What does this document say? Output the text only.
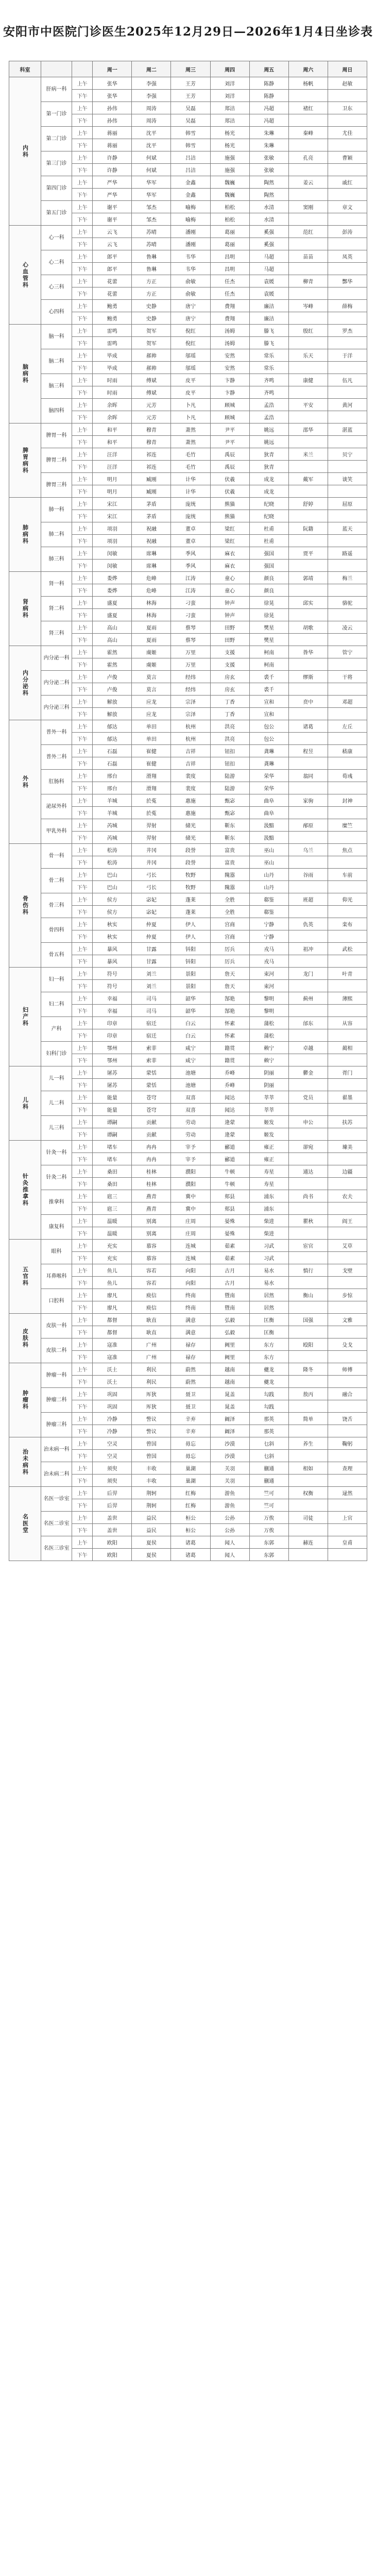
安阳市中医院门诊医生2025年12月29日—2026年1月4日坐诊表
科室			周一	周二	周三	周四	周五	周六	周日
内科	肝病一科	上午	张华	李强	王芳	刘洋	陈静	杨帆	赵敏
		下午	张华	李强	王芳	刘洋	陈静		
	第一门诊	上午	孙伟	周涛	吴磊	郑洁	冯超	褚红	卫东
		下午	孙伟	周涛	吴磊	郑洁	冯超		
	第二门诊	上午	蒋丽	沈平	韩雪	杨光	朱琳	秦峰	尤佳
		下午	蒋丽	沈平	韩雪	杨光	朱琳		
	第三门诊	上午	许静	何斌	吕洁	施强	张敏	孔亮	曹颖
		下午	许静	何斌	吕洁	施强	张敏		
	第四门诊	上午	严华	华军	金鑫	魏巍	陶然	姜云	戚红
		下午	严华	华军	金鑫	魏巍	陶然		
	第五门诊	上午	谢平	邹杰	喻梅	柏松	水清	窦刚	章文
		下午	谢平	邹杰	喻梅	柏松	水清		
心血管科	心一科	上午	云飞	苏晴	潘刚	葛丽	奚强	范红	彭涛
		下午	云飞	苏晴	潘刚	葛丽	奚强		
	心二科	上午	郎平	鲁琳	韦华	昌明	马超	苗苗	凤英
		下午	郎平	鲁琳	韦华	昌明	马超		
	心三科	上午	花蕾	方正	俞敏	任杰	袁媛	柳青	酆华
		下午	花蕾	方正	俞敏	任杰	袁媛		
	心四科	上午	鲍勇	史静	唐宁	费翔	廉洁	岑峰	薛梅
		下午	鲍勇	史静	唐宁	费翔	廉洁		
脑病科	脑一科	上午	雷鸣	贺军	倪红	汤姆	滕飞	殷红	罗杰
		下午	雷鸣	贺军	倪红	汤姆	滕飞		
	脑二科	上午	毕成	郝帅	邬瑶	安然	常乐	乐天	于洋
		下午	毕成	郝帅	邬瑶	安然	常乐		
	脑三科	上午	时雨	傅斌	皮平	卞静	齐鸣	康健	伍凡
		下午	时雨	傅斌	皮平	卞静	齐鸣		
	脑四科	上午	余晖	元芳	卜凡	顾城	孟浩	平安	黄河
		下午	余晖	元芳	卜凡	顾城	孟浩		
脾胃病科	脾胃一科	上午	和平	穆青	萧然	尹平	姚远	邵华	湛蓝
		下午	和平	穆青	萧然	尹平	姚远		
	脾胃二科	上午	汪洋	祁连	毛竹	禹辰	狄青	米兰	贝宁
		下午	汪洋	祁连	毛竹	禹辰	狄青		
	脾胃三科	上午	明月	臧刚	计华	伏羲	成龙	戴军	谈笑
		下午	明月	臧刚	计华	伏羲	成龙		
肺病科	肺一科	上午	宋江	茅盾	庞统	熊猫	纪晓	舒婷	屈原
		下午	宋江	茅盾	庞统	熊猫	纪晓		
	肺二科	上午	项羽	祝融	董卓	梁红	杜甫	阮籍	蓝天
		下午	项羽	祝融	董卓	梁红	杜甫		
	肺三科	上午	闵敏	席琳	季风	麻衣	强国	贾平	路遥
		下午	闵敏	席琳	季风	麻衣	强国		
肾病科	肾一科	上午	娄烨	危峰	江涛	童心	颜良	郭靖	梅兰
		下午	娄烨	危峰	江涛	童心	颜良		
	肾二科	上午	盛夏	林海	刁蛮	钟声	徐晃	邱实	骆驼
		下午	盛夏	林海	刁蛮	钟声	徐晃		
	肾三科	上午	高山	夏雨	蔡琴	田野	樊星	胡歌	凌云
		下午	高山	夏雨	蔡琴	田野	樊星		
内分泌科	内分泌一科	上午	霍然	虞姬	万里	支援	柯南	昝华	管宁
		下午	霍然	虞姬	万里	支援	柯南		
	内分泌二科	上午	卢俊	莫言	经纬	房玄	裘千	缪斯	干将
		下午	卢俊	莫言	经纬	房玄	裘千		
	内分泌三科	上午	解放	应龙	宗泽	丁香	宣和	贲中	邓超
		下午	解放	应龙	宗泽	丁香	宣和		
外科	普外一科	上午	郁达	单田	杭州	洪亮	包公	诸葛	左丘
		下午	郁达	单田	杭州	洪亮	包公		
	普外二科	上午	石磊	崔健	吉祥	钮扣	龚琳	程昱	嵇康
		下午	石磊	崔健	吉祥	钮扣	龚琳		
	肛肠科	上午	邢台	滑翔	裴度	陆游	荣华	翁同	荀彧
		下午	邢台	滑翔	裴度	陆游	荣华		
	泌尿外科	上午	羊城	於菟	惠施	甄宓	曲阜	家驹	封神
		下午	羊城	於菟	惠施	甄宓	曲阜		
	甲乳外科	上午	芮城	羿射	储光	靳东	汲黯	邴原	糜竺
		下午	芮城	羿射	储光	靳东	汲黯		
骨伤科	骨一科	上午	松涛	井冈	段誉	富贵	巫山	乌兰	焦点
		下午	松涛	井冈	段誉	富贵	巫山		
	骨二科	上午	巴山	弓长	牧野	隗嚣	山丹	谷雨	车前
		下午	巴山	弓长	牧野	隗嚣	山丹		
	骨三科	上午	侯方	宓妃	蓬莱	全胜	郗鉴	班超	仰光
		下午	侯方	宓妃	蓬莱	全胜	郗鉴		
	骨四科	上午	秋实	仲夏	伊人	宫商	宁静	仇英	栾布
		下午	秋实	仲夏	伊人	宫商	宁静		
	骨五科	上午	暴风	甘露	钭阳	厉兵	戎马	祖冲	武松
		下午	暴风	甘露	钭阳	厉兵	戎马		
妇产科	妇一科	上午	符号	刘兰	景阳	詹天	束河	龙门	叶青
		下午	符号	刘兰	景阳	詹天	束河		
	妇二科	上午	幸福	司马	韶华	郜艳	黎明	蓟州	薄熙
		下午	幸福	司马	韶华	郜艳	黎明		
	产科	上午	印章	宿迁	白云	怀素	蒲松	邰东	从容
		下午	印章	宿迁	白云	怀素	蒲松		
	妇科门诊	上午	鄂州	索菲	咸宁	籍贯	赖宁	卓越	蔺相
		下午	鄂州	索菲	咸宁	籍贯	赖宁		
儿科	儿一科	上午	屠苏	蒙恬	池塘	乔峰	阴丽	鬱金	胥门
		下午	屠苏	蒙恬	池塘	乔峰	阴丽		
	儿二科	上午	能量	苍穹	双喜	闻达	莘莘	党员	翟墨
		下午	能量	苍穹	双喜	闻达	莘莘		
	儿三科	上午	谭嗣	贡献	劳动	逄蒙	姬发	申公	扶苏
		下午	谭嗣	贡献	劳动	逄蒙	姬发		
针灸推拿科	针灸一科	上午	堵车	冉冉	宰予	郦道	雍正	卻宛	璩美
		下午	堵车	冉冉	宰予	郦道	雍正		
	针灸二科	上午	桑田	桂林	濮阳	牛顿	寿星	通达	边疆
		下午	桑田	桂林	濮阳	牛顿	寿星		
	推拿科	上午	扈三	燕青	冀中	郏县	浦东	尚书	农夫
		下午	扈三	燕青	冀中	郏县	浦东		
	康复科	上午	温暖	别离	庄周	晏殊	柴进	瞿秋	阎王
		下午	温暖	别离	庄周	晏殊	柴进		
五官科	眼科	上午	充实	慕容	连城	茹素	习武	宦官	艾草
		下午	充实	慕容	连城	茹素	习武		
	耳鼻喉科	上午	鱼儿	容若	向阳	古月	易水	慎行	戈壁
		下午	鱼儿	容若	向阳	古月	易水		
	口腔科	上午	廖凡	庾信	终南	暨南	居然	衡山	步惊
		下午	廖凡	庾信	终南	暨南	居然		
皮肤科	皮肤一科	上午	都督	耿直	满意	弘毅	匡衡	国强	文雅
		下午	都督	耿直	满意	弘毅	匡衡		
	皮肤二科	上午	寇准	广州	禄存	阙里	东方	殴阳	殳戈
		下午	寇准	广州	禄存	阙里	东方		
肿瘤科	肿瘤一科	上午	沃土	利民	蔚然	越南	夔龙	隆冬	师傅
		下午	沃土	利民	蔚然	越南	夔龙		
	肿瘤二科	上午	巩固	厍狄	聂卫	晁盖	勾践	敖丙	融合
		下午	巩固	厍狄	聂卫	晁盖	勾践		
	肿瘤三科	上午	冷静	訾议	辛弃	阚泽	那英	简单	饶舌
		下午	冷静	訾议	辛弃	阚泽	那英		
治未病科	治未病一科	上午	空灵	曾国	毋忘	沙漠	乜斜	养生	鞠躬
		下午	空灵	曾国	毋忘	沙漠	乜斜		
	治未病二科	上午	须臾	丰收	巢湖	关羽	蒯通	相如	查理
		下午	须臾	丰收	巢湖	关羽	蒯通		
名医堂	名医一诊室	上午	后羿	荆轲	红梅	游鱼	竺可	权衡	逯然
		下午	后羿	荆轲	红梅	游鱼	竺可		
	名医二诊室	上午	盖世	益民	桓公	公孙	万俟	司徒	上官
		下午	盖世	益民	桓公	公孙	万俟		
	名医三诊室	上午	欧阳	夏侯	诸葛	闻人	东郭	赫连	皇甫
		下午	欧阳	夏侯	诸葛	闻人	东郭		
